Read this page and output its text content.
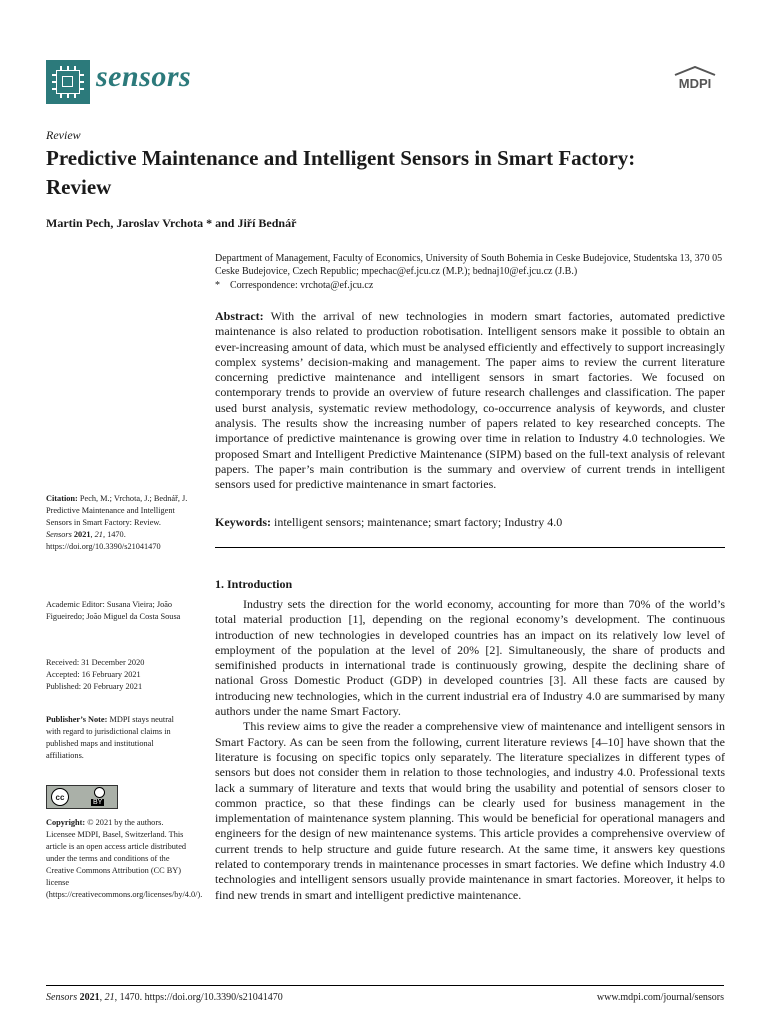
sensors	MDPI
Review
Predictive Maintenance and Intelligent Sensors in Smart Factory: Review
Martin Pech, Jaroslav Vrchota * and Jiří Bednář
Department of Management, Faculty of Economics, University of South Bohemia in Ceske Budejovice, Studentska 13, 370 05 Ceske Budejovice, Czech Republic; mpechac@ef.jcu.cz (M.P.); bednaj10@ef.jcu.cz (J.B.)
* Correspondence: vrchota@ef.jcu.cz
Abstract: With the arrival of new technologies in modern smart factories, automated predictive maintenance is also related to production robotisation. Intelligent sensors make it possible to obtain an ever-increasing amount of data, which must be analysed efficiently and effectively to support increasingly complex systems’ decision-making and management. The paper aims to review the current literature concerning predictive maintenance and intelligent sensors in smart factories. We focused on contemporary trends to provide an overview of future research challenges and classification. The paper used burst analysis, systematic review methodology, co-occurrence analysis of keywords, and cluster analysis. The results show the increasing number of papers related to key researched concepts. The importance of predictive maintenance is growing over time in relation to Industry 4.0 technologies. We proposed Smart and Intelligent Predictive Maintenance (SIPM) based on the full-text analysis of relevant papers. The paper’s main contribution is the summary and overview of current trends in intelligent sensors used for predictive maintenance in smart factories.
Keywords: intelligent sensors; maintenance; smart factory; Industry 4.0
1. Introduction

Industry sets the direction for the world economy, accounting for more than 70% of the world’s total material production [1], depending on the regional economy’s development. The continuous introduction of new technologies in developed countries has an impact on its relatively low level of employment of the population at the level of 20% [2]. Simultaneously, the share of products and semifinished products in international trade is continuously growing, despite the declining share of national Gross Domestic Product (GDP) in developed countries [3]. All these facts are caused by introducing new technologies, which in the current industrial era of Industry 4.0 are summarised by many authors under the name Smart Factory.

This review aims to give the reader a comprehensive view of maintenance and intelligent sensors in Smart Factory. As can be seen from the following, current literature reviews [4–10] have shown that the literature is focusing on specific topics only separately. The literature specializes in different types of sensors but does not consider them in relation to those technologies, and industry 4.0. Professional texts lack a summary of literature and texts that would bring the usability and potential of sensors closer to common practice, so that these findings can be clearly used for business management in the implementation of maintenance system planning. This would be beneficial for operational managers and engineers for the design of new maintenance systems. This article provides a comprehensive overview of current trends to help structure and guide future research. At the same time, it answers key questions related to contemporary trends in maintenance processes in smart factories. We define which Industry 4.0 technologies and intelligent sensors usually provide maintenance in smart factories. Moreover, it helps to find new trends in smart and intelligent predictive maintenance.

Citation: Pech, M.; Vrchota, J.; Bednář, J. Predictive Maintenance and Intelligent Sensors in Smart Factory: Review. Sensors 2021, 21, 1470. https://doi.org/10.3390/s21041470
Academic Editor: Susana Vieira; João Figueiredo; João Miguel da Costa Sousa
Received: 31 December 2020
Accepted: 16 February 2021
Published: 20 February 2021
Publisher’s Note: MDPI stays neutral with regard to jurisdictional claims in published maps and institutional affiliations.
cc
BY
Copyright: © 2021 by the authors. Licensee MDPI, Basel, Switzerland. This article is an open access article distributed under the terms and conditions of the Creative Commons Attribution (CC BY) license (https://creativecommons.org/licenses/by/4.0/).
Sensors 2021, 21, 1470. https://doi.org/10.3390/s21041470	www.mdpi.com/journal/sensors
